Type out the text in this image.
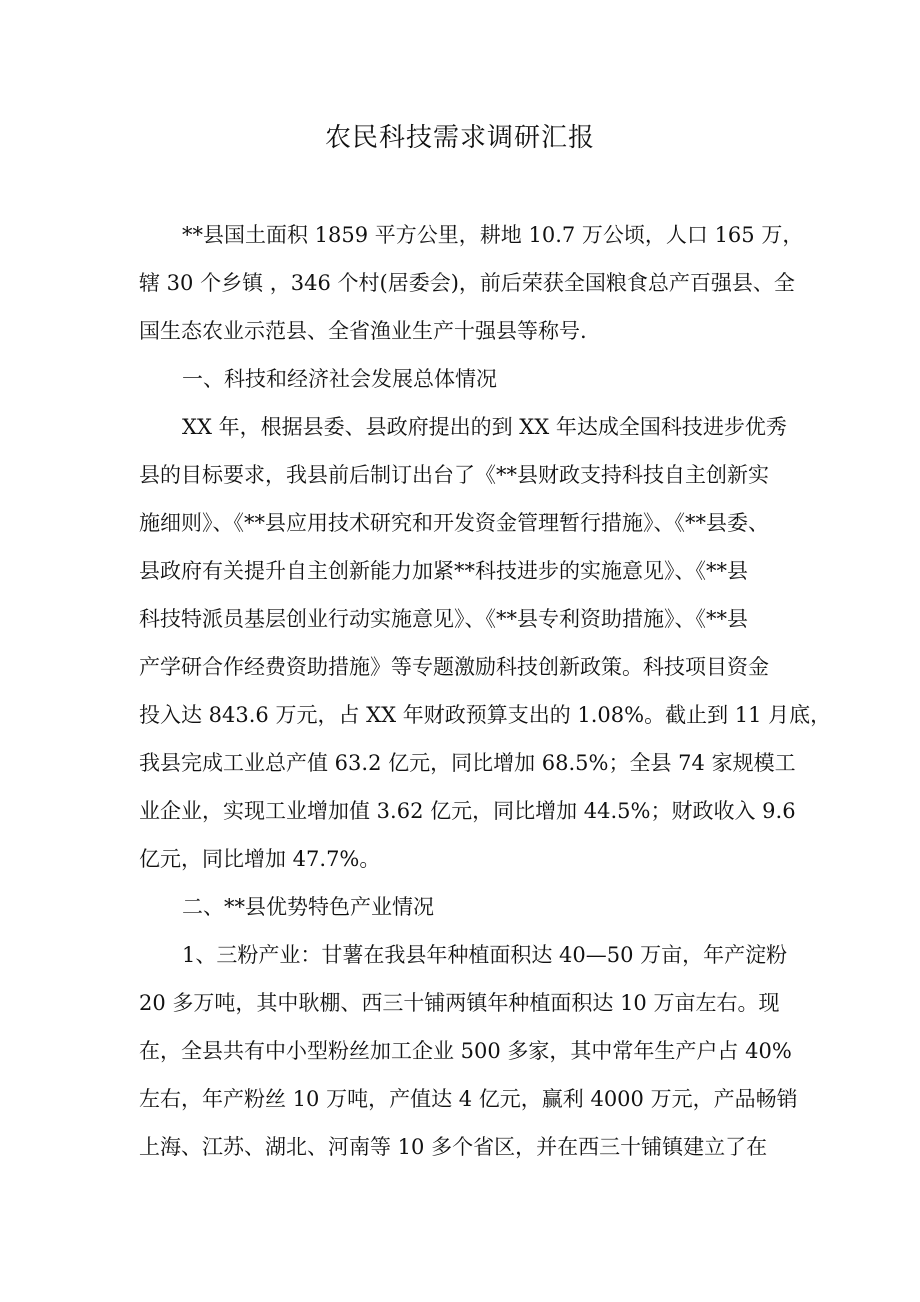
农民科技需求调研汇报
**县国土面积 1859 平方公里，耕地 10.7 万公顷，人口 165 万，
辖 30 个乡镇 ，346 个村(居委会)，前后荣获全国粮食总产百强县、全
国生态农业示范县、全省渔业生产十强县等称号.
一、科技和经济社会发展总体情况
XX 年，根据县委、县政府提出的到 XX 年达成全国科技进步优秀
县的目标要求，我县前后制订出台了《**县财政支持科技自主创新实
施细则》、《**县应用技术研究和开发资金管理暂行措施》、《**县委、
县政府有关提升自主创新能力加紧**科技进步的实施意见》、《**县
科技特派员基层创业行动实施意见》、《**县专利资助措施》、《**县
产学研合作经费资助措施》等专题激励科技创新政策。科技项目资金
投入达 843.6 万元，占 XX 年财政预算支出的 1.08%。截止到 11 月底，
我县完成工业总产值 63.2 亿元，同比增加 68.5%；全县 74 家规模工
业企业，实现工业增加值 3.62 亿元，同比增加 44.5%；财政收入 9.6
亿元，同比增加 47.7%。
二、**县优势特色产业情况
1、三粉产业：甘薯在我县年种植面积达 40—50 万亩，年产淀粉
20 多万吨，其中耿棚、西三十铺两镇年种植面积达 10 万亩左右。现
在，全县共有中小型粉丝加工企业 500 多家，其中常年生产户占 40%
左右，年产粉丝 10 万吨，产值达 4 亿元，赢利 4000 万元，产品畅销
上海、江苏、湖北、河南等 10 多个省区，并在西三十铺镇建立了在
